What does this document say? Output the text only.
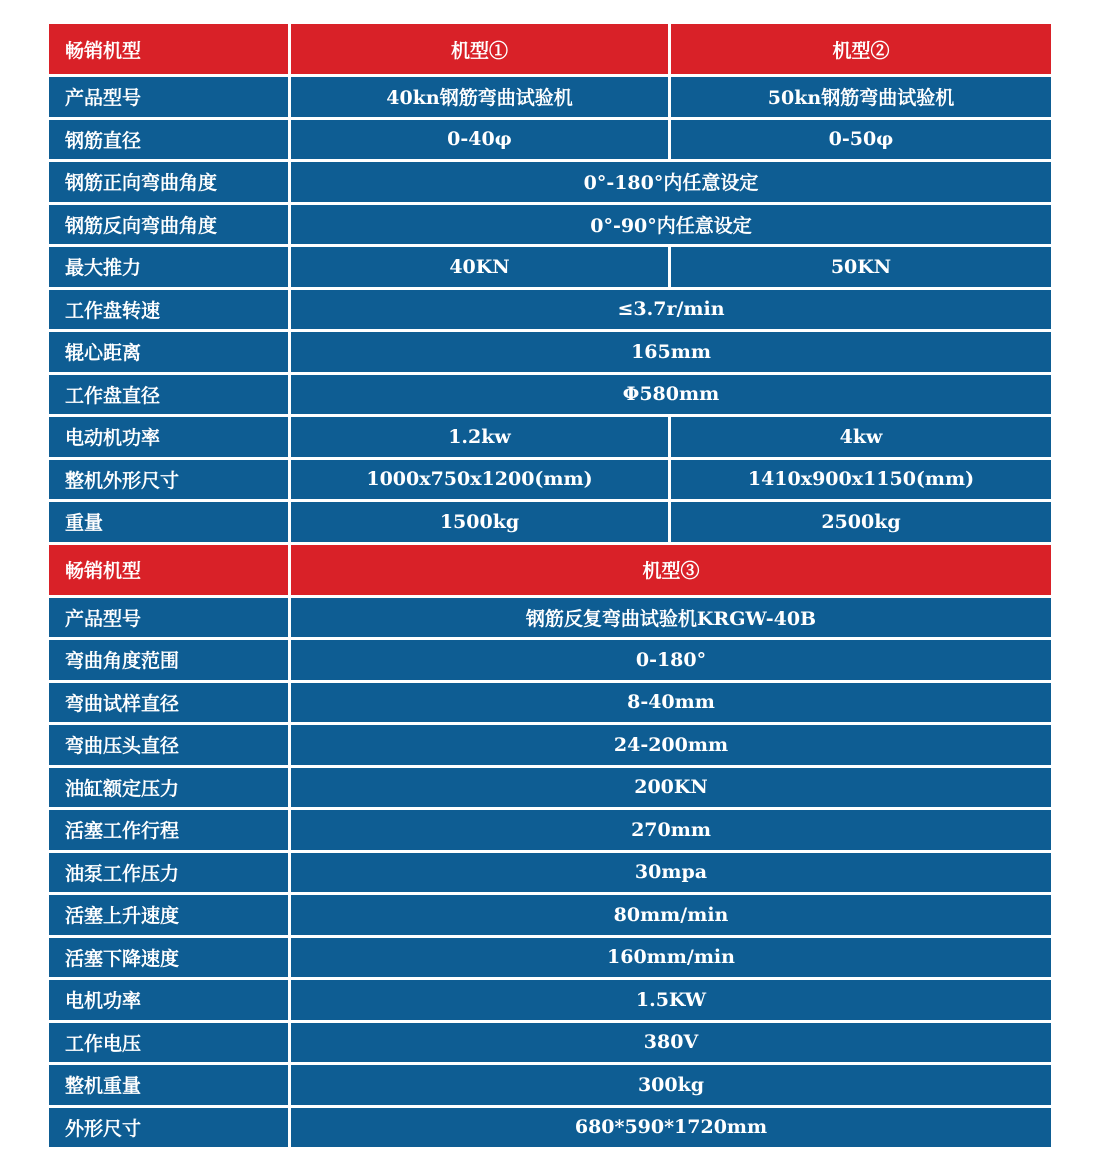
畅销机型	机型①	机型②
产品型号	40kn钢筋弯曲试验机	50kn钢筋弯曲试验机
钢筋直径	0-40φ	0-50φ
钢筋正向弯曲角度	0°-180°内任意设定
钢筋反向弯曲角度	0°-90°内任意设定
最大推力	40KN	50KN
工作盘转速	≤3.7r/min
辊心距离	165mm
工作盘直径	Φ580mm
电动机功率	1.2kw	4kw
整机外形尺寸	1000x750x1200(mm)	1410x900x1150(mm)
重量	1500kg	2500kg
畅销机型	机型③
产品型号	钢筋反复弯曲试验机KRGW-40B
弯曲角度范围	0-180°
弯曲试样直径	8-40mm
弯曲压头直径	24-200mm
油缸额定压力	200KN
活塞工作行程	270mm
油泵工作压力	30mpa
活塞上升速度	80mm/min
活塞下降速度	160mm/min
电机功率	1.5KW
工作电压	380V
整机重量	300kg
外形尺寸	680*590*1720mm
